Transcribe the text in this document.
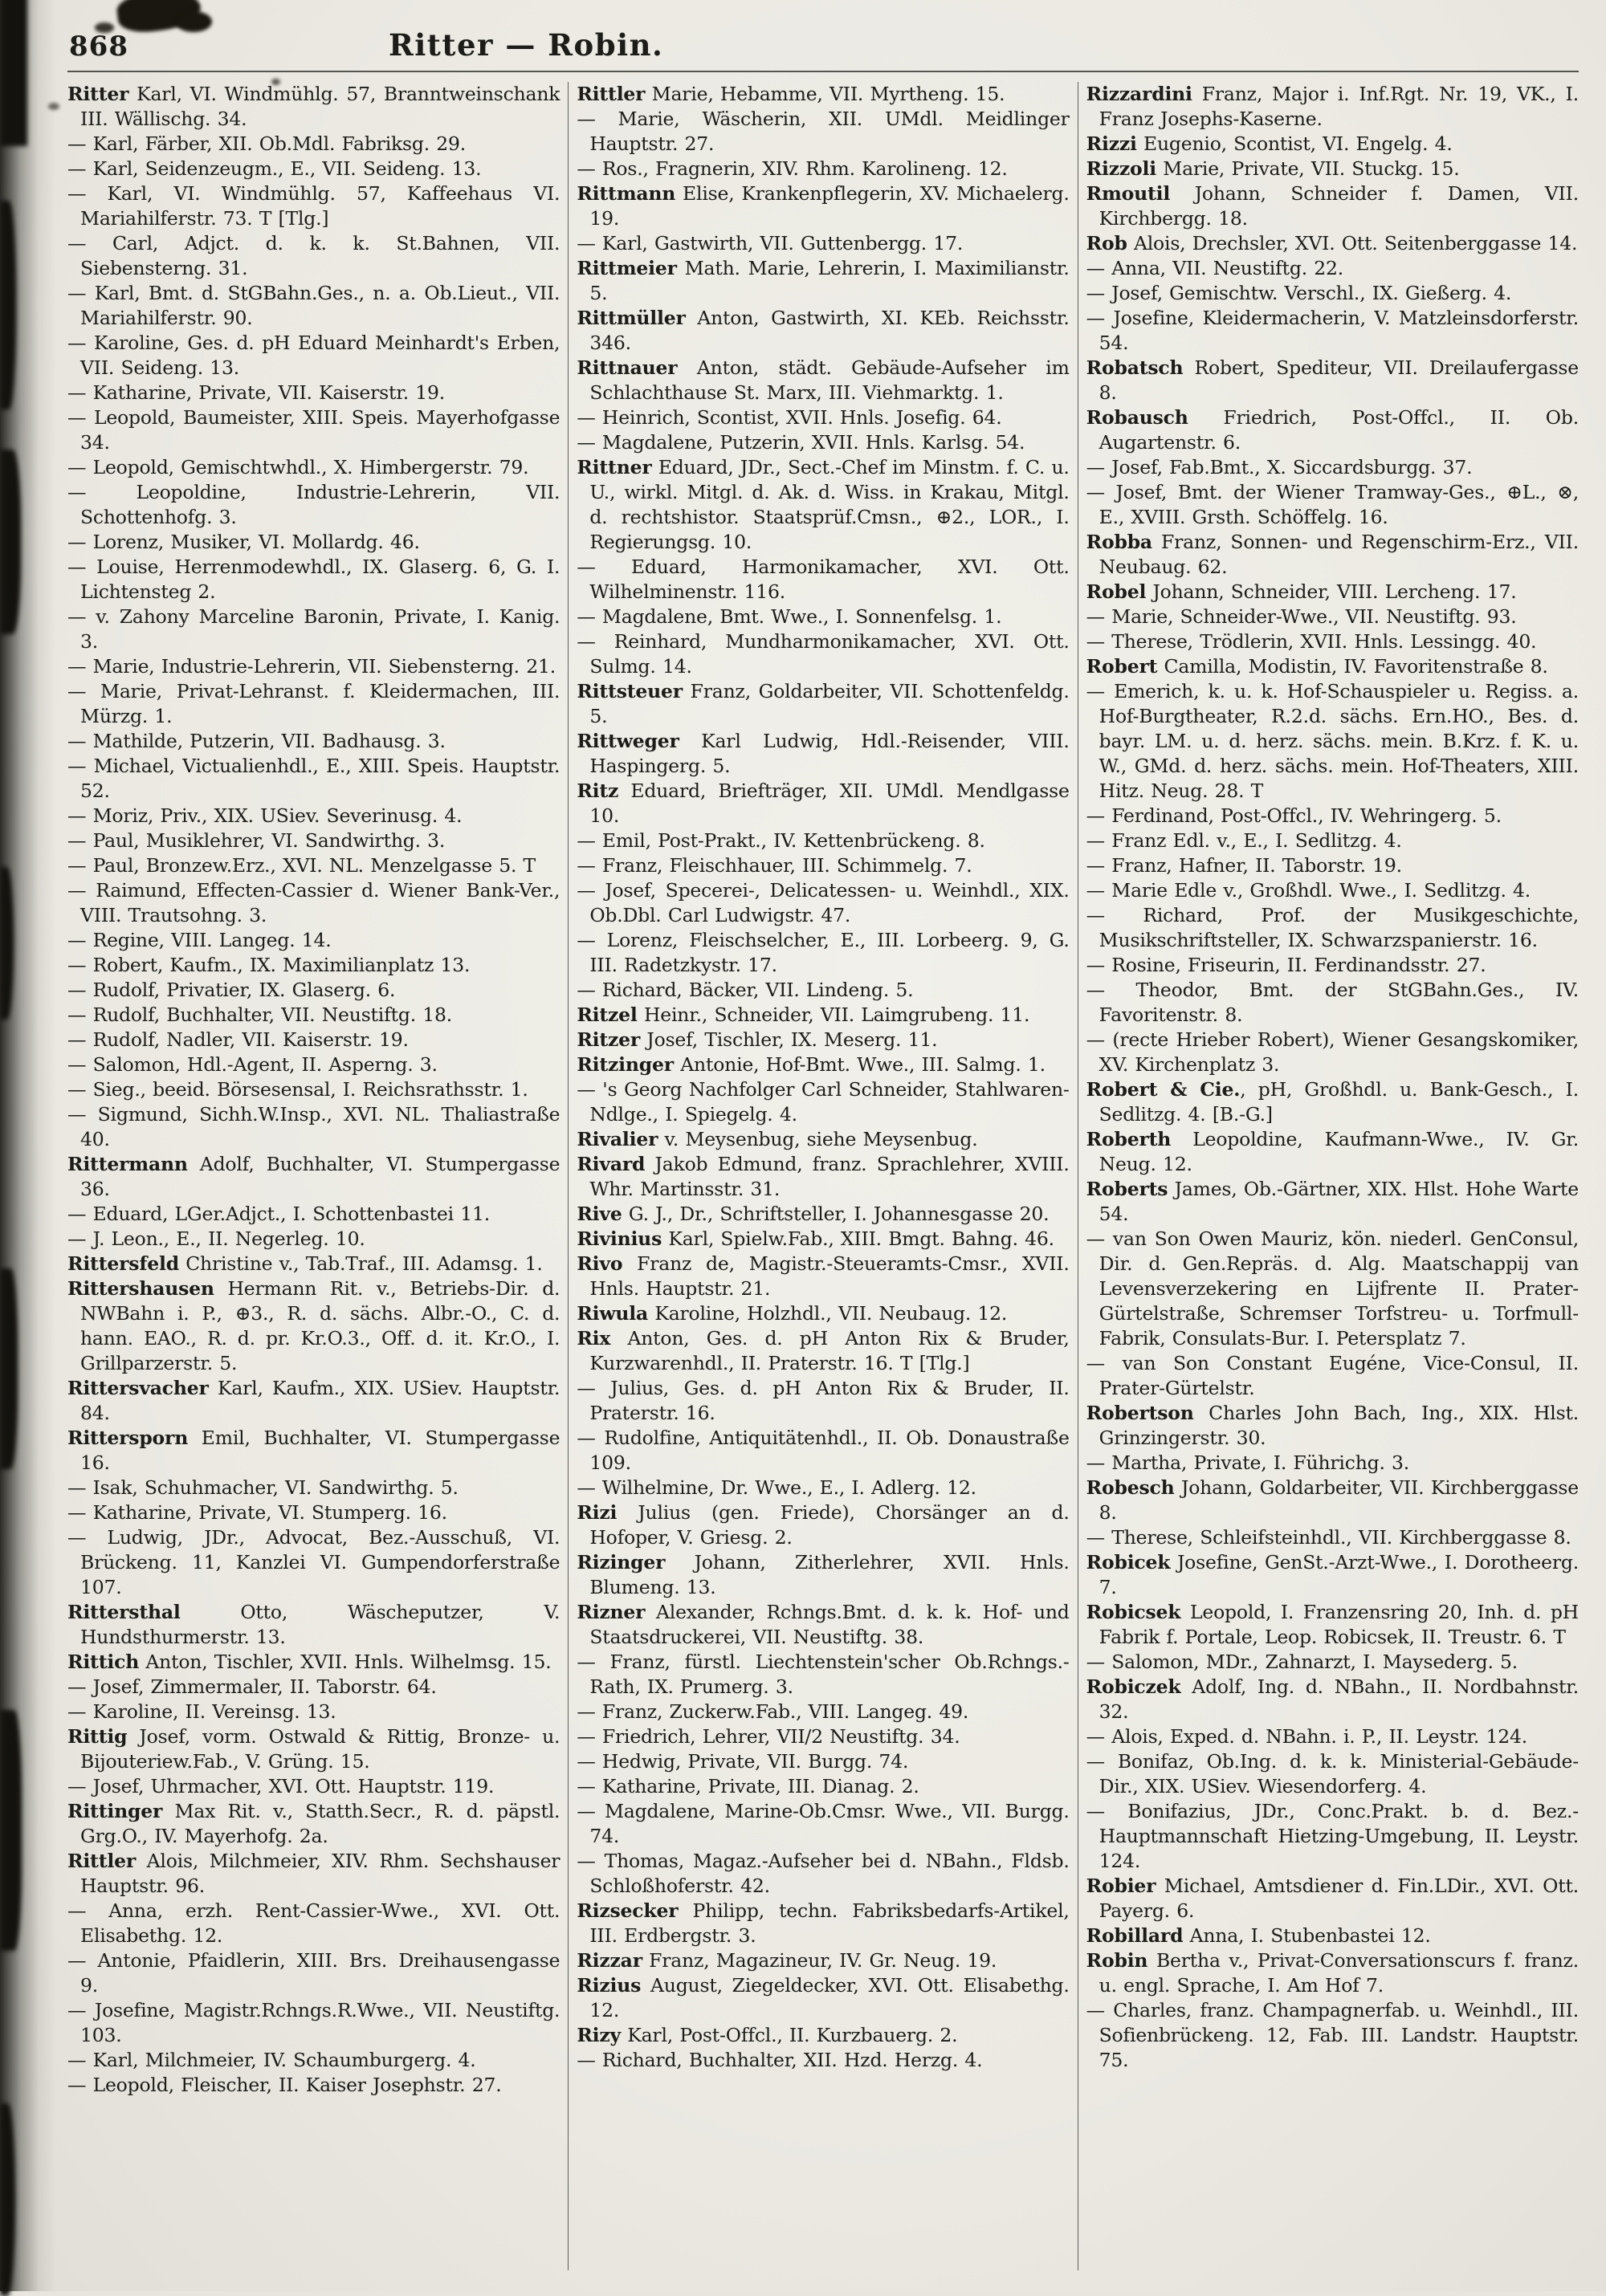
868	Ritter — Robin.

Ritter Karl, VI. Windmühlg. 57, Branntweinschank III. Wällischg. 34.

— Karl, Färber, XII. Ob.Mdl. Fabriksg. 29.

— Karl, Seidenzeugm., E., VII. Seideng. 13.

— Karl, VI. Windmühlg. 57, Kaffeehaus VI. Mariahilferstr. 73. T [Tlg.]

— Carl, Adjct. d. k. k. St.Bahnen, VII. Siebensterng. 31.

— Karl, Bmt. d. StGBahn.Ges., n. a. Ob.Lieut., VII. Mariahilferstr. 90.

— Karoline, Ges. d. pH Eduard Meinhardt's Erben, VII. Seideng. 13.

— Katharine, Private, VII. Kaiserstr. 19.

— Leopold, Baumeister, XIII. Speis. Mayerhofgasse 34.

— Leopold, Gemischtwhdl., X. Himbergerstr. 79.

— Leopoldine, Industrie-Lehrerin, VII. Schottenhofg. 3.

— Lorenz, Musiker, VI. Mollardg. 46.

— Louise, Herrenmodewhdl., IX. Glaserg. 6, G. I. Lichtensteg 2.

— v. Zahony Marceline Baronin, Private, I. Kanig. 3.

— Marie, Industrie-Lehrerin, VII. Siebensterng. 21.

— Marie, Privat-Lehranst. f. Kleidermachen, III. Mürzg. 1.

— Mathilde, Putzerin, VII. Badhausg. 3.

— Michael, Victualienhdl., E., XIII. Speis. Hauptstr. 52.

— Moriz, Priv., XIX. USiev. Severinusg. 4.

— Paul, Musiklehrer, VI. Sandwirthg. 3.

— Paul, Bronzew.Erz., XVI. NL. Menzelgasse 5. T

— Raimund, Effecten-Cassier d. Wiener Bank-Ver., VIII. Trautsohng. 3.

— Regine, VIII. Langeg. 14.

— Robert, Kaufm., IX. Maximilianplatz 13.

— Rudolf, Privatier, IX. Glaserg. 6.

— Rudolf, Buchhalter, VII. Neustiftg. 18.

— Rudolf, Nadler, VII. Kaiserstr. 19.

— Salomon, Hdl.-Agent, II. Asperng. 3.

— Sieg., beeid. Börsesensal, I. Reichsrathsstr. 1.

— Sigmund, Sichh.W.Insp., XVI. NL. Thaliastraße 40.

Rittermann Adolf, Buchhalter, VI. Stumpergasse 36.

— Eduard, LGer.Adjct., I. Schottenbastei 11.

— J. Leon., E., II. Negerleg. 10.

Rittersfeld Christine v., Tab.Traf., III. Adamsg. 1.

Rittershausen Hermann Rit. v., Betriebs-Dir. d. NWBahn i. P., ⊕3., R. d. sächs. Albr.-O., C. d. hann. EAO., R. d. pr. Kr.O.3., Off. d. it. Kr.O., I. Grillparzerstr. 5.

Rittersvacher Karl, Kaufm., XIX. USiev. Hauptstr. 84.

Rittersporn Emil, Buchhalter, VI. Stumpergasse 16.

— Isak, Schuhmacher, VI. Sandwirthg. 5.

— Katharine, Private, VI. Stumperg. 16.

— Ludwig, JDr., Advocat, Bez.-Ausschuß, VI. Brückeng. 11, Kanzlei VI. Gumpendorferstraße 107.

Rittersthal Otto, Wäscheputzer, V. Hundsthurmerstr. 13.

Rittich Anton, Tischler, XVII. Hnls. Wilhelmsg. 15.

— Josef, Zimmermaler, II. Taborstr. 64.

— Karoline, II. Vereinsg. 13.

Rittig Josef, vorm. Ostwald & Rittig, Bronze- u. Bijouteriew.Fab., V. Grüng. 15.

— Josef, Uhrmacher, XVI. Ott. Hauptstr. 119.

Rittinger Max Rit. v., Statth.Secr., R. d. päpstl. Grg.O., IV. Mayerhofg. 2a.

Rittler Alois, Milchmeier, XIV. Rhm. Sechshauser Hauptstr. 96.

— Anna, erzh. Rent-Cassier-Wwe., XVI. Ott. Elisabethg. 12.

— Antonie, Pfaidlerin, XIII. Brs. Dreihausengasse 9.

— Josefine, Magistr.Rchngs.R.Wwe., VII. Neustiftg. 103.

— Karl, Milchmeier, IV. Schaumburgerg. 4.

— Leopold, Fleischer, II. Kaiser Josephstr. 27.

Rittler Marie, Hebamme, VII. Myrtheng. 15.

— Marie, Wäscherin, XII. UMdl. Meidlinger Hauptstr. 27.

— Ros., Fragnerin, XIV. Rhm. Karolineng. 12.

Rittmann Elise, Krankenpflegerin, XV. Michaelerg. 19.

— Karl, Gastwirth, VII. Guttenbergg. 17.

Rittmeier Math. Marie, Lehrerin, I. Maximilianstr. 5.

Rittmüller Anton, Gastwirth, XI. KEb. Reichsstr. 346.

Rittnauer Anton, städt. Gebäude-Aufseher im Schlachthause St. Marx, III. Viehmarktg. 1.

— Heinrich, Scontist, XVII. Hnls. Josefig. 64.

— Magdalene, Putzerin, XVII. Hnls. Karlsg. 54.

Rittner Eduard, JDr., Sect.-Chef im Minstm. f. C. u. U., wirkl. Mitgl. d. Ak. d. Wiss. in Krakau, Mitgl. d. rechtshistor. Staatsprüf.Cmsn., ⊕2., LOR., I. Regierungsg. 10.

— Eduard, Harmonikamacher, XVI. Ott. Wilhelminenstr. 116.

— Magdalene, Bmt. Wwe., I. Sonnenfelsg. 1.

— Reinhard, Mundharmonikamacher, XVI. Ott. Sulmg. 14.

Rittsteuer Franz, Goldarbeiter, VII. Schottenfeldg. 5.

Rittweger Karl Ludwig, Hdl.-Reisender, VIII. Haspingerg. 5.

Ritz Eduard, Briefträger, XII. UMdl. Mendlgasse 10.

— Emil, Post-Prakt., IV. Kettenbrückeng. 8.

— Franz, Fleischhauer, III. Schimmelg. 7.

— Josef, Specerei-, Delicatessen- u. Weinhdl., XIX. Ob.Dbl. Carl Ludwigstr. 47.

— Lorenz, Fleischselcher, E., III. Lorbeerg. 9, G. III. Radetzkystr. 17.

— Richard, Bäcker, VII. Lindeng. 5.

Ritzel Heinr., Schneider, VII. Laimgrubeng. 11.

Ritzer Josef, Tischler, IX. Meserg. 11.

Ritzinger Antonie, Hof-Bmt. Wwe., III. Salmg. 1.

— 's Georg Nachfolger Carl Schneider, Stahlwaren-Ndlge., I. Spiegelg. 4.

Rivalier v. Meysenbug, siehe Meysenbug.

Rivard Jakob Edmund, franz. Sprachlehrer, XVIII. Whr. Martinsstr. 31.

Rive G. J., Dr., Schriftsteller, I. Johannesgasse 20.

Rivinius Karl, Spielw.Fab., XIII. Bmgt. Bahng. 46.

Rivo Franz de, Magistr.-Steueramts-Cmsr., XVII. Hnls. Hauptstr. 21.

Riwula Karoline, Holzhdl., VII. Neubaug. 12.

Rix Anton, Ges. d. pH Anton Rix & Bruder, Kurzwarenhdl., II. Praterstr. 16. T [Tlg.]

— Julius, Ges. d. pH Anton Rix & Bruder, II. Praterstr. 16.

— Rudolfine, Antiquitätenhdl., II. Ob. Donaustraße 109.

— Wilhelmine, Dr. Wwe., E., I. Adlerg. 12.

Rizi Julius (gen. Friede), Chorsänger an d. Hofoper, V. Griesg. 2.

Rizinger Johann, Zitherlehrer, XVII. Hnls. Blumeng. 13.

Rizner Alexander, Rchngs.Bmt. d. k. k. Hof- und Staatsdruckerei, VII. Neustiftg. 38.

— Franz, fürstl. Liechtenstein'scher Ob.Rchngs.-Rath, IX. Prumerg. 3.

— Franz, Zuckerw.Fab., VIII. Langeg. 49.

— Friedrich, Lehrer, VII/2 Neustiftg. 34.

— Hedwig, Private, VII. Burgg. 74.

— Katharine, Private, III. Dianag. 2.

— Magdalene, Marine-Ob.Cmsr. Wwe., VII. Burgg. 74.

— Thomas, Magaz.-Aufseher bei d. NBahn., Fldsb. Schloßhoferstr. 42.

Rizsecker Philipp, techn. Fabriksbedarfs-Artikel, III. Erdbergstr. 3.

Rizzar Franz, Magazineur, IV. Gr. Neug. 19.

Rizius August, Ziegeldecker, XVI. Ott. Elisabethg. 12.

Rizy Karl, Post-Offcl., II. Kurzbauerg. 2.

— Richard, Buchhalter, XII. Hzd. Herzg. 4.

Rizzardini Franz, Major i. Inf.Rgt. Nr. 19, VK., I. Franz Josephs-Kaserne.

Rizzi Eugenio, Scontist, VI. Engelg. 4.

Rizzoli Marie, Private, VII. Stuckg. 15.

Rmoutil Johann, Schneider f. Damen, VII. Kirchbergg. 18.

Rob Alois, Drechsler, XVI. Ott. Seitenberggasse 14.

— Anna, VII. Neustiftg. 22.

— Josef, Gemischtw. Verschl., IX. Gießerg. 4.

— Josefine, Kleidermacherin, V. Matzleinsdorferstr. 54.

Robatsch Robert, Spediteur, VII. Dreilaufergasse 8.

Robausch Friedrich, Post-Offcl., II. Ob. Augartenstr. 6.

— Josef, Fab.Bmt., X. Siccardsburgg. 37.

— Josef, Bmt. der Wiener Tramway-Ges., ⊕L., ⊗, E., XVIII. Grsth. Schöffelg. 16.

Robba Franz, Sonnen- und Regenschirm-Erz., VII. Neubaug. 62.

Robel Johann, Schneider, VIII. Lercheng. 17.

— Marie, Schneider-Wwe., VII. Neustiftg. 93.

— Therese, Trödlerin, XVII. Hnls. Lessingg. 40.

Robert Camilla, Modistin, IV. Favoritenstraße 8.

— Emerich, k. u. k. Hof-Schauspieler u. Regiss. a. Hof-Burgtheater, R.2.d. sächs. Ern.HO., Bes. d. bayr. LM. u. d. herz. sächs. mein. B.Krz. f. K. u. W., GMd. d. herz. sächs. mein. Hof-Theaters, XIII. Hitz. Neug. 28. T

— Ferdinand, Post-Offcl., IV. Wehringerg. 5.

— Franz Edl. v., E., I. Sedlitzg. 4.

— Franz, Hafner, II. Taborstr. 19.

— Marie Edle v., Großhdl. Wwe., I. Sedlitzg. 4.

— Richard, Prof. der Musikgeschichte, Musikschriftsteller, IX. Schwarzspanierstr. 16.

— Rosine, Friseurin, II. Ferdinandsstr. 27.

— Theodor, Bmt. der StGBahn.Ges., IV. Favoritenstr. 8.

— (recte Hrieber Robert), Wiener Gesangskomiker, XV. Kirchenplatz 3.

Robert & Cie., pH, Großhdl. u. Bank-Gesch., I. Sedlitzg. 4. [B.-G.]

Roberth Leopoldine, Kaufmann-Wwe., IV. Gr. Neug. 12.

Roberts James, Ob.-Gärtner, XIX. Hlst. Hohe Warte 54.

— van Son Owen Mauriz, kön. niederl. GenConsul, Dir. d. Gen.Repräs. d. Alg. Maatschappij van Levensverzekering en Lijfrente II. Prater-Gürtelstraße, Schremser Torfstreu- u. Torfmull-Fabrik, Consulats-Bur. I. Petersplatz 7.

— van Son Constant Eugéne, Vice-Consul, II. Prater-Gürtelstr.

Robertson Charles John Bach, Ing., XIX. Hlst. Grinzingerstr. 30.

— Martha, Private, I. Führichg. 3.

Robesch Johann, Goldarbeiter, VII. Kirchberggasse 8.

— Therese, Schleifsteinhdl., VII. Kirchberggasse 8.

Robicek Josefine, GenSt.-Arzt-Wwe., I. Dorotheerg. 7.

Robicsek Leopold, I. Franzensring 20, Inh. d. pH Fabrik f. Portale, Leop. Robicsek, II. Treustr. 6. T

— Salomon, MDr., Zahnarzt, I. Maysederg. 5.

Robiczek Adolf, Ing. d. NBahn., II. Nordbahnstr. 32.

— Alois, Exped. d. NBahn. i. P., II. Leystr. 124.

— Bonifaz, Ob.Ing. d. k. k. Ministerial-Gebäude-Dir., XIX. USiev. Wiesendorferg. 4.

— Bonifazius, JDr., Conc.Prakt. b. d. Bez.-Hauptmannschaft Hietzing-Umgebung, II. Leystr. 124.

Robier Michael, Amtsdiener d. Fin.LDir., XVI. Ott. Payerg. 6.

Robillard Anna, I. Stubenbastei 12.

Robin Bertha v., Privat-Conversationscurs f. franz. u. engl. Sprache, I. Am Hof 7.

— Charles, franz. Champagnerfab. u. Weinhdl., III. Sofienbrückeng. 12, Fab. III. Landstr. Hauptstr. 75.
